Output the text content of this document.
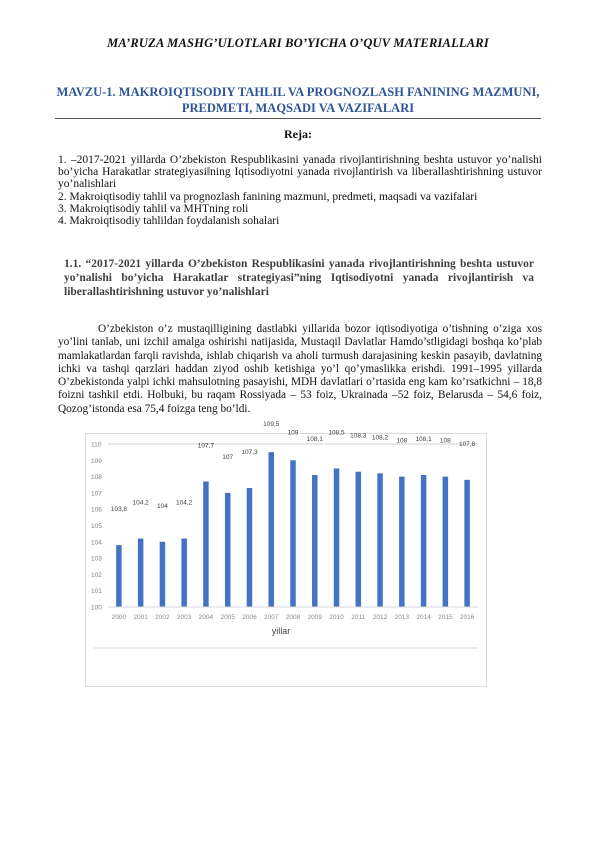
MA’RUZA MASHG’ULOTLARI BO’YICHA O’QUV MATERIALLARI
MAVZU-1. MAKROIQTISODIY TAHLIL VA PROGNOZLASH FANINING MAZMUNI, PREDMETI, MAQSADI VA VAZIFALARI
Reja:

1. ‒2017-2021 yillarda O’zbekiston Respublikasini yanada rivojlantirishning beshta ustuvor yo’nalishi bo’yicha Harakatlar strategiyasi‖ning Iqtisodiyotni yanada rivojlantirish va liberallashtirishning ustuvor yo’nalishlari

2. Makroiqtisodiy tahlil va prognozlash fanining mazmuni, predmeti, maqsadi va vazifalari

3. Makroiqtisodiy tahlil va MHTning roli

4. Makroiqtisodiy tahlildan foydalanish sohalari

1.1. “2017-2021 yillarda O’zbekiston Respublikasini yanada rivojlantirishning beshta ustuvor yo’nalishi bo’yicha Harakatlar strategiyasi”ning Iqtisodiyotni yanada rivojlantirish va liberallashtirishning ustuvor yo’nalishlari

O’zbekiston o’z mustaqilligining dastlabki yillarida bozor iqtisodiyotiga o’tishning o’ziga xos yo’lini tanlab, uni izchil amalga oshirishi natijasida, Mustaqil Davlatlar Hamdo’stligidagi boshqa ko’plab mamlakatlardan farqli ravishda, ishlab chiqarish va aholi turmush darajasining keskin pasayib, davlatning ichki va tashqi qarzlari haddan ziyod oshib ketishiga yo’l qo’ymaslikka erishdi. 1991–1995 yillarda O’zbekistonda yalpi ichki mahsulotning pasayishi, MDH davlatlari o’rtasida eng kam ko’rsatkichni – 18,8 foizni tashkil etdi. Holbuki, bu raqam Rossiyada – 53 foiz, Ukrainada –52 foiz, Belarusda – 54,6 foiz, Qozog’istonda esa 75,4 foizga teng bo’ldi.

100
101
102
103
104
105
106
107
108
109
110
103,8
2000
104,2
2001
104
2002
104,2
2003
107,7
2004
107
2005
107,3
2006
109,5
2007
109
2008
108,1
2009
108,5
2010
108,3
2011
108,2
2012
108
2013
108,1
2014
108
2015
107,8
2016
yillar
